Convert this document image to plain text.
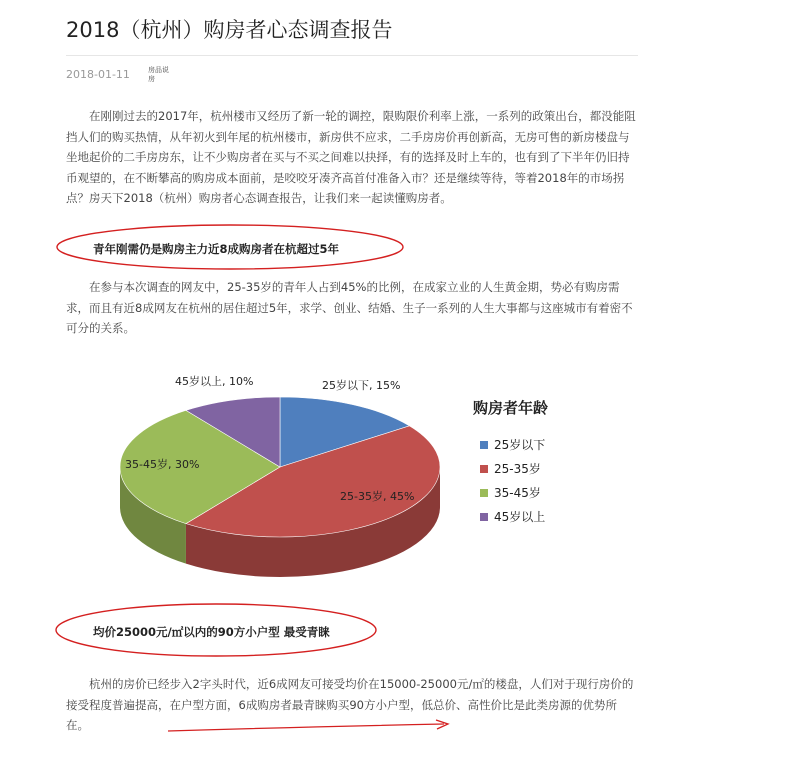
2018（杭州）购房者心态调查报告
2018-01-11	房品说房

在刚刚过去的2017年，杭州楼市又经历了新一轮的调控，限购限价利率上涨，一系列的政策出台，都没能阻挡人们的购买热情，从年初火到年尾的杭州楼市，新房供不应求，二手房房价再创新高，无房可售的新房楼盘与坐地起价的二手房房东，让不少购房者在买与不买之间难以抉择，有的选择及时上车的，也有到了下半年仍旧持币观望的，在不断攀高的购房成本面前，是咬咬牙凑齐高首付准备入市？还是继续等待，等着2018年的市场拐点？房天下2018（杭州）购房者心态调查报告，让我们来一起读懂购房者。

青年刚需仍是购房主力近8成购房者在杭超过5年

在参与本次调查的网友中，25-35岁的青年人占到45%的比例，在成家立业的人生黄金期，势必有购房需求，而且有近8成网友在杭州的居住超过5年，求学、创业、结婚、生子一系列的人生大事都与这座城市有着密不可分的关系。

均价25000元/㎡以内的90方小户型 最受青睐

杭州的房价已经步入2字头时代，近6成网友可接受均价在15000-25000元/㎡的楼盘，人们对于现行房价的接受程度普遍提高，在户型方面，6成购房者最青睐购买90方小户型，低总价、高性价比是此类房源的优势所在。

25岁以下, 15%
25-35岁, 45%
35-45岁, 30%
45岁以上, 10%
购房者年龄
25岁以下
25-35岁
35-45岁
45岁以上
